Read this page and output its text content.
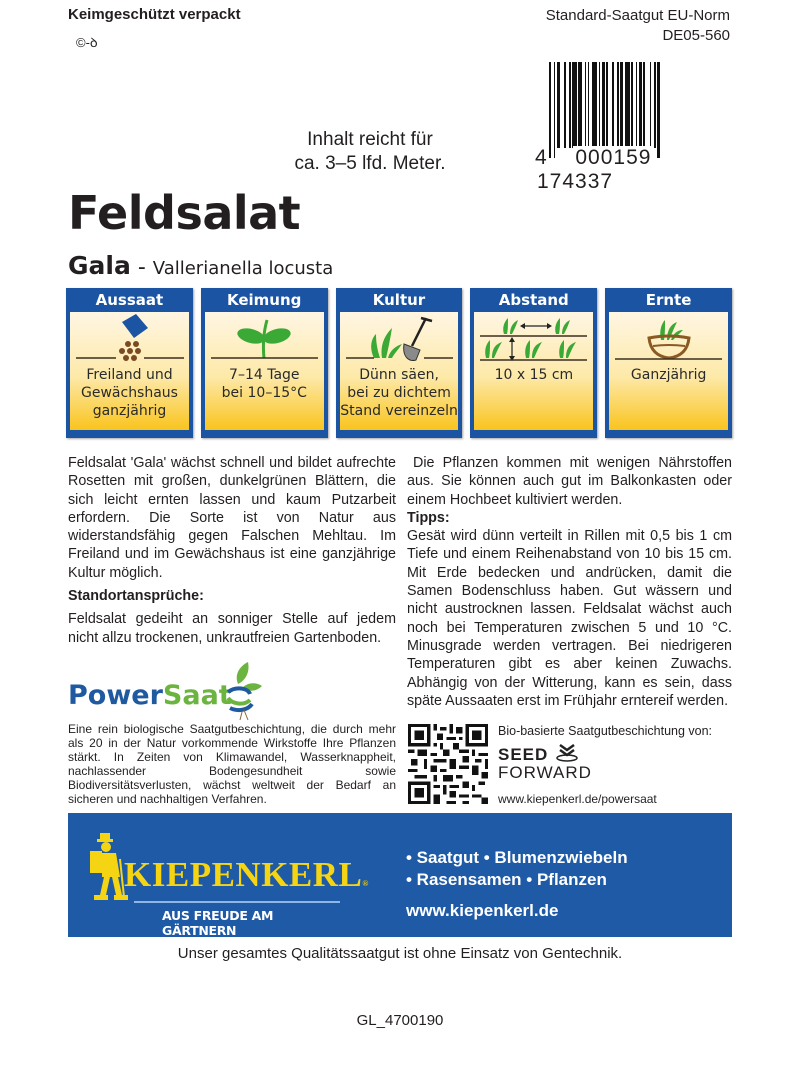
Keimgeschützt verpackt
©-ꝺ
Standard-Saatgut EU-Norm
DE05-560
4 000159  174337
Inhalt reicht für
ca. 3–5 lfd. Meter.
Feldsalat
Gala - Vallerianella locusta
Aussaat
Freiland und
Gewächshaus
ganzjährig
Keimung
7–14 Tage
bei 10–15°C
Kultur
Dünn säen,
bei zu dichtem
Stand vereinzeln
Abstand
10 x 15 cm
Ernte
Ganzjährig

Feldsalat 'Gala' wächst schnell und bildet aufrechte Rosetten mit großen, dunkelgrünen Blättern, die sich leicht ernten lassen und kaum Putzarbeit erfordern. Die Sorte ist von Natur aus widerstandsfähig gegen Falschen Mehltau. Im Freiland und im Gewächshaus ist eine ganzjährige Kultur möglich.

Standortansprüche:

Feldsalat gedeiht an sonniger Stelle auf jedem nicht allzu trockenen, unkrautfreien Gartenboden.

Die Pflanzen kommen mit wenigen Nährstoffen aus. Sie können auch gut im Balkonkasten oder einem Hochbeet kultiviert werden.

Tipps:

Gesät wird dünn verteilt in Rillen mit 0,5 bis 1 cm Tiefe und einem Reihenabstand von 10 bis 15 cm. Mit Erde bedecken und andrücken, damit die Samen Bodenschluss haben. Gut wässern und nicht austrocknen lassen. Feldsalat wächst auch noch bei Temperaturen zwischen 5 und 10 °C. Minusgrade werden vertragen. Bei niedrigeren Temperaturen gibt es aber keinen Zuwachs. Abhängig von der Witterung, kann es sein, dass späte Aussaaten erst im Frühjahr erntereif werden.

PowerSaat
Eine rein biologische Saatgutbeschichtung, die durch mehr als 20 in der Natur vorkommende Wirkstoffe Ihre Pflanzen stärkt. In Zeiten von Klimawandel, Wasserknappheit, nachlassender Bodengesundheit sowie Biodiversitätsverlusten, wächst weltweit der Bedarf an sicheren und nachhaltigen Verfahren.
Bio-basierte Saatgutbeschichtung von:
SEED
FORWARD
www.kiepenkerl.de/powersaat
KIEPENKERL®
AUS FREUDE AM GÄRTNERN
• Saatgut • Blumenzwiebeln
• Rasensamen • Pflanzen
www.kiepenkerl.de
Unser gesamtes Qualitätssaatgut ist ohne Einsatz von Gentechnik.
GL_4700190
